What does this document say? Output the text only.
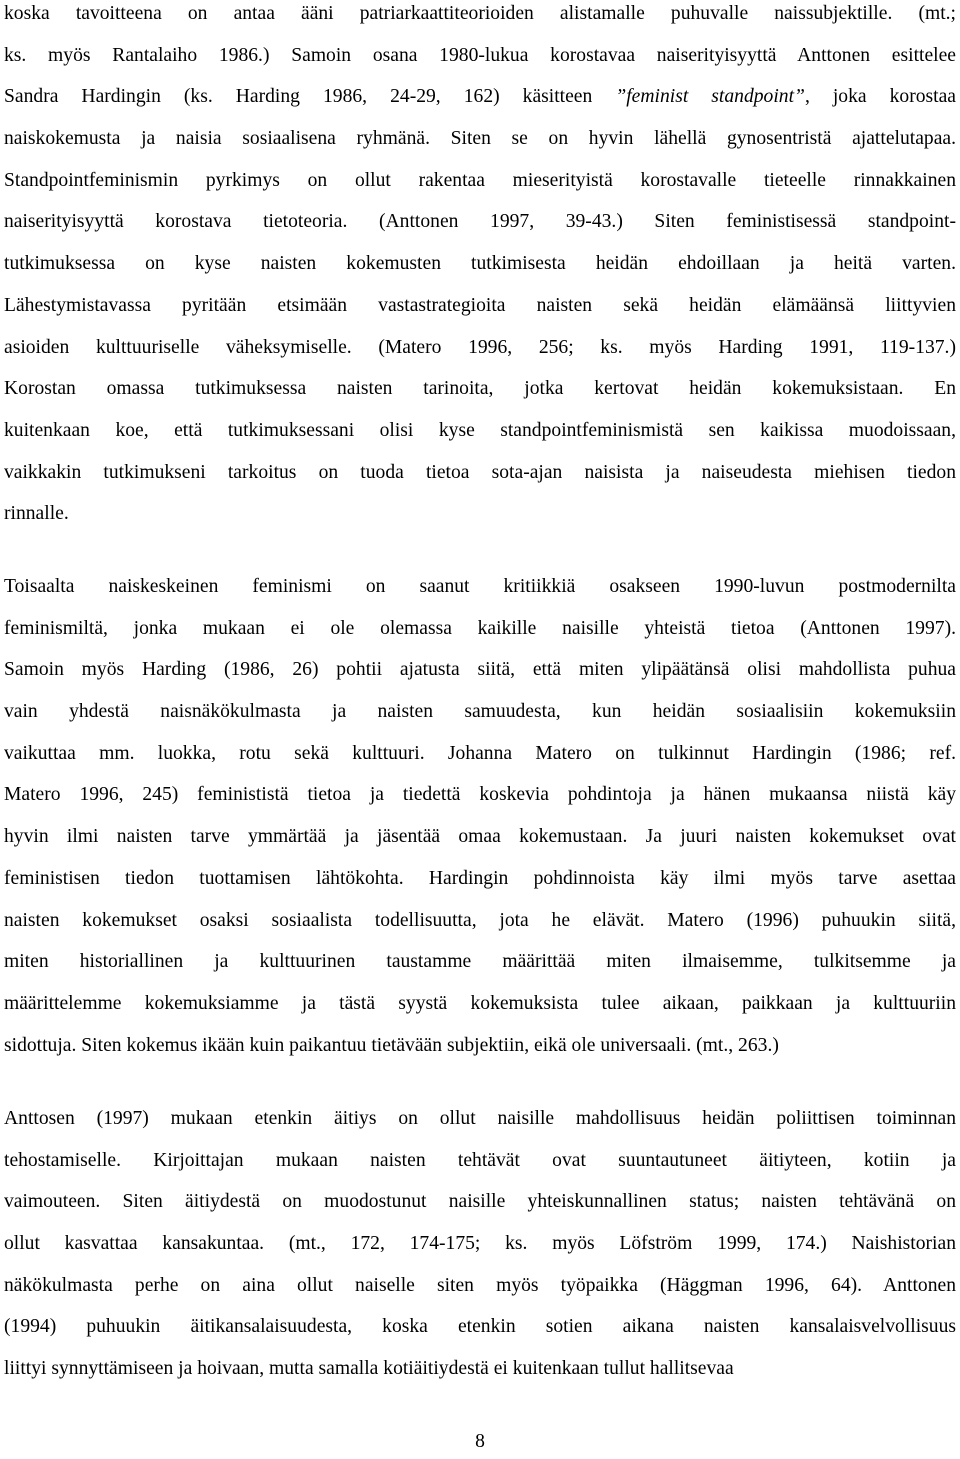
koska tavoitteena on antaa ääni patriarkaattiteorioiden alistamalle puhuvalle naissubjektille. (mt.;
ks. myös Rantalaiho 1986.) Samoin osana 1980-lukua korostavaa naiserityisyyttä Anttonen esittelee
Sandra Hardingin (ks. Harding 1986, 24-29, 162) käsitteen ”feminist standpoint”, joka korostaa
naiskokemusta ja naisia sosiaalisena ryhmänä. Siten se on hyvin lähellä gynosentristä ajattelutapaa.
Standpointfeminismin pyrkimys on ollut rakentaa mieserityistä korostavalle tieteelle rinnakkainen
naiserityisyyttä korostava tietoteoria. (Anttonen 1997, 39-43.) Siten feministisessä standpoint-
tutkimuksessa on kyse naisten kokemusten tutkimisesta heidän ehdoillaan ja heitä varten.
Lähestymistavassa pyritään etsimään vastastrategioita naisten sekä heidän elämäänsä liittyvien
asioiden kulttuuriselle väheksymiselle. (Matero 1996, 256; ks. myös Harding 1991, 119-137.)
Korostan omassa tutkimuksessa naisten tarinoita, jotka kertovat heidän kokemuksistaan. En
kuitenkaan koe, että tutkimuksessani olisi kyse standpointfeminismistä sen kaikissa muodoissaan,
vaikkakin tutkimukseni tarkoitus on tuoda tietoa sota-ajan naisista ja naiseudesta miehisen tiedon
rinnalle.
Toisaalta naiskeskeinen feminismi on saanut kritiikkiä osakseen 1990-luvun postmodernilta
feminismiltä, jonka mukaan ei ole olemassa kaikille naisille yhteistä tietoa (Anttonen 1997).
Samoin myös Harding (1986, 26) pohtii ajatusta siitä, että miten ylipäätänsä olisi mahdollista puhua
vain yhdestä naisnäkökulmasta ja naisten samuudesta, kun heidän sosiaalisiin kokemuksiin
vaikuttaa mm. luokka, rotu sekä kulttuuri. Johanna Matero on tulkinnut Hardingin (1986; ref.
Matero 1996, 245) feminististä tietoa ja tiedettä koskevia pohdintoja ja hänen mukaansa niistä käy
hyvin ilmi naisten tarve ymmärtää ja jäsentää omaa kokemustaan. Ja juuri naisten kokemukset ovat
feministisen tiedon tuottamisen lähtökohta. Hardingin pohdinnoista käy ilmi myös tarve asettaa
naisten kokemukset osaksi sosiaalista todellisuutta, jota he elävät. Matero (1996) puhuukin siitä,
miten historiallinen ja kulttuurinen taustamme määrittää miten ilmaisemme, tulkitsemme ja
määrittelemme kokemuksiamme ja tästä syystä kokemuksista tulee aikaan, paikkaan ja kulttuuriin
sidottuja. Siten kokemus ikään kuin paikantuu tietävään subjektiin, eikä ole universaali. (mt., 263.)
Anttosen (1997) mukaan etenkin äitiys on ollut naisille mahdollisuus heidän poliittisen toiminnan
tehostamiselle. Kirjoittajan mukaan naisten tehtävät ovat suuntautuneet äitiyteen, kotiin ja
vaimouteen. Siten äitiydestä on muodostunut naisille yhteiskunnallinen status; naisten tehtävänä on
ollut kasvattaa kansakuntaa. (mt., 172, 174-175; ks. myös Löfström 1999, 174.) Naishistorian
näkökulmasta perhe on aina ollut naiselle siten myös työpaikka (Häggman 1996, 64). Anttonen
(1994) puhuukin äitikansalaisuudesta, koska etenkin sotien aikana naisten kansalaisvelvollisuus
liittyi synnyttämiseen ja hoivaan, mutta samalla kotiäitiydestä ei kuitenkaan tullut hallitsevaa
8
